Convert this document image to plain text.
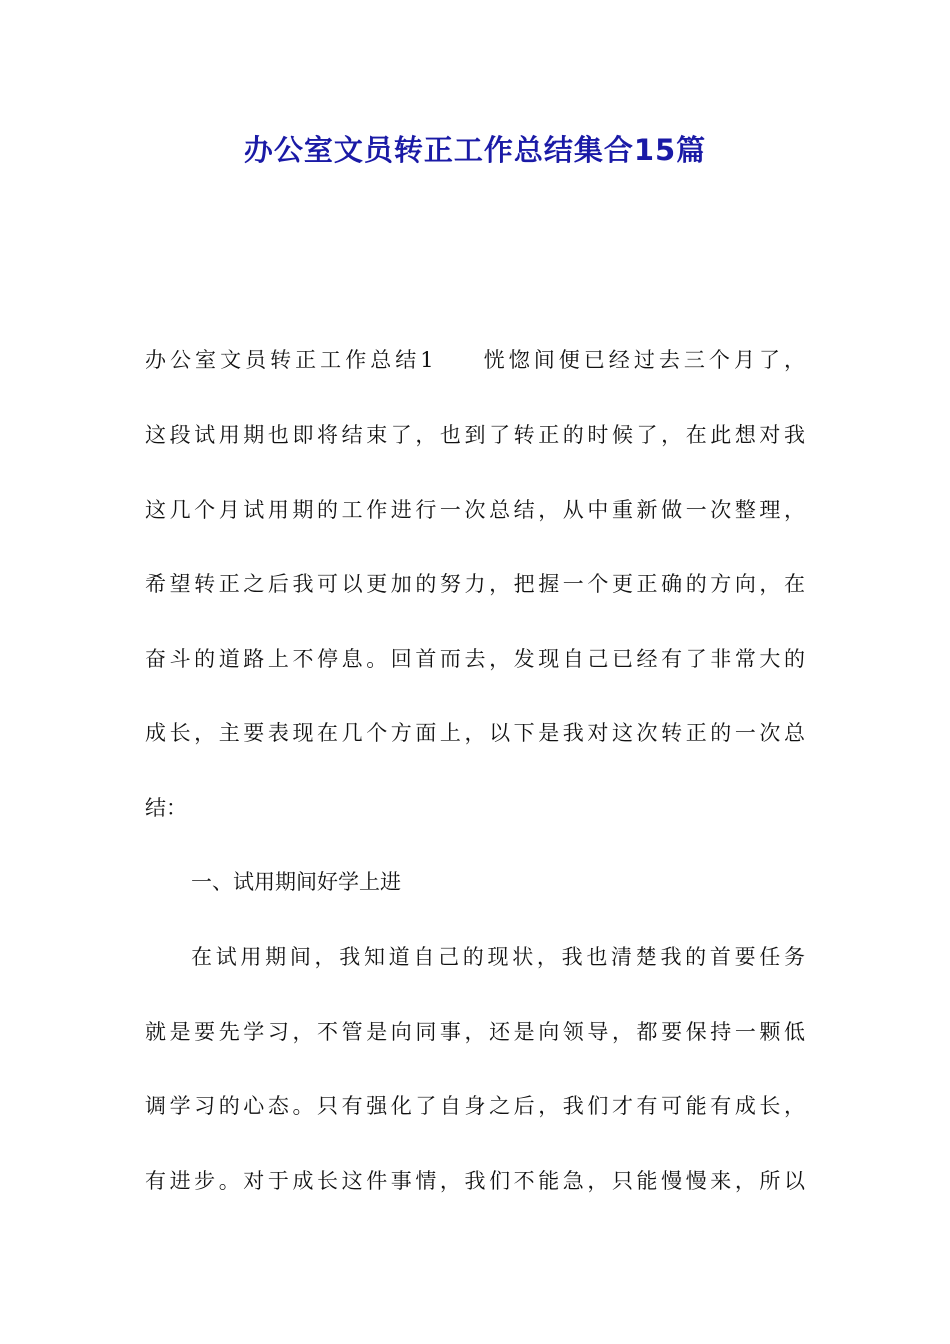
办公室文员转正工作总结集合15篇
办公室文员转正工作总结1 恍惚间便已经过去三个月了，
这段试用期也即将结束了，也到了转正的时候了，在此想对我
这几个月试用期的工作进行一次总结，从中重新做一次整理，
希望转正之后我可以更加的努力，把握一个更正确的方向，在
奋斗的道路上不停息。回首而去，发现自己已经有了非常大的
成长，主要表现在几个方面上，以下是我对这次转正的一次总
结：
一、试用期间好学上进
在试用期间，我知道自己的现状，我也清楚我的首要任务
就是要先学习，不管是向同事，还是向领导，都要保持一颗低
调学习的心态。只有强化了自身之后，我们才有可能有成长，
有进步。对于成长这件事情，我们不能急，只能慢慢来，所以
